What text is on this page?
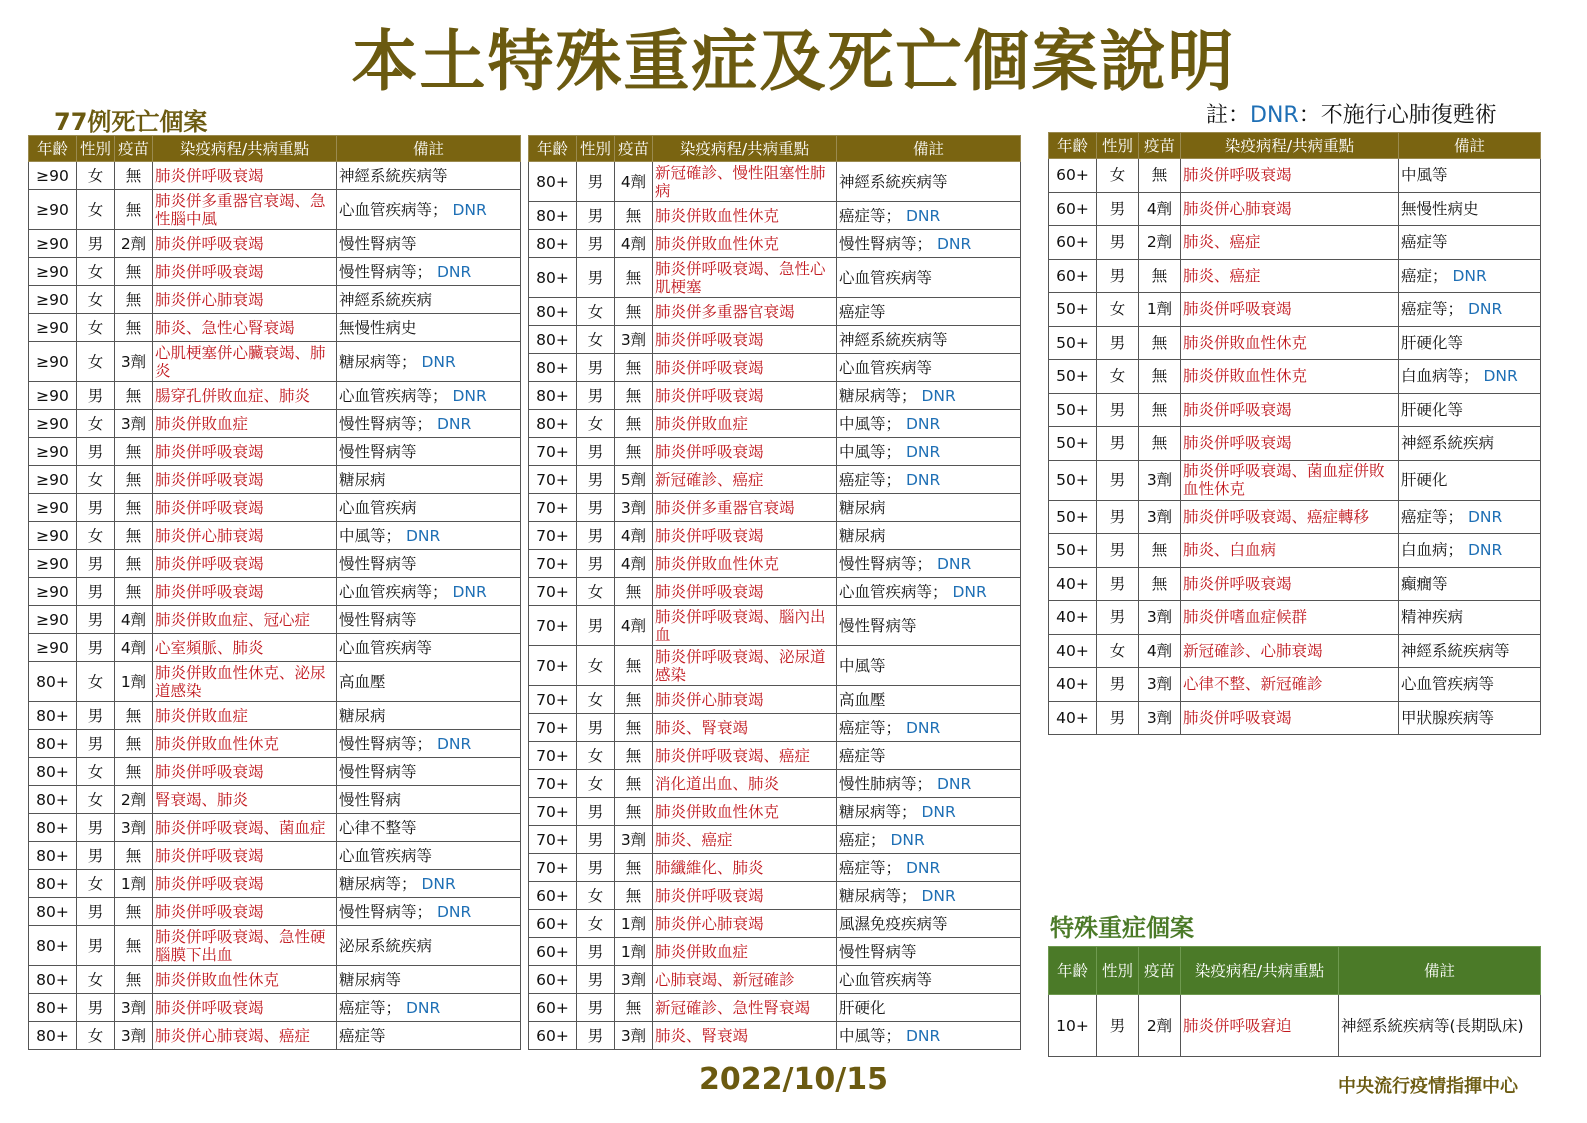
本土特殊重症及死亡個案說明
77例死亡個案	註：DNR：不施行心肺復甦術
年齡	性別	疫苗	染疫病程/共病重點	備註
≥90	女	無	肺炎併呼吸衰竭	神經系統疾病等
≥90	女	無	肺炎併多重器官衰竭、急性腦中風	心血管疾病等； DNR
≥90	男	2劑	肺炎併呼吸衰竭	慢性腎病等
≥90	女	無	肺炎併呼吸衰竭	慢性腎病等； DNR
≥90	女	無	肺炎併心肺衰竭	神經系統疾病
≥90	女	無	肺炎、急性心腎衰竭	無慢性病史
≥90	女	3劑	心肌梗塞併心臟衰竭、肺炎	糖尿病等； DNR
≥90	男	無	腸穿孔併敗血症、肺炎	心血管疾病等； DNR
≥90	女	3劑	肺炎併敗血症	慢性腎病等； DNR
≥90	男	無	肺炎併呼吸衰竭	慢性腎病等
≥90	女	無	肺炎併呼吸衰竭	糖尿病
≥90	男	無	肺炎併呼吸衰竭	心血管疾病
≥90	女	無	肺炎併心肺衰竭	中風等； DNR
≥90	男	無	肺炎併呼吸衰竭	慢性腎病等
≥90	男	無	肺炎併呼吸衰竭	心血管疾病等； DNR
≥90	男	4劑	肺炎併敗血症、冠心症	慢性腎病等
≥90	男	4劑	心室頻脈、肺炎	心血管疾病等
80+	女	1劑	肺炎併敗血性休克、泌尿道感染	高血壓
80+	男	無	肺炎併敗血症	糖尿病
80+	男	無	肺炎併敗血性休克	慢性腎病等； DNR
80+	女	無	肺炎併呼吸衰竭	慢性腎病等
80+	女	2劑	腎衰竭、肺炎	慢性腎病
80+	男	3劑	肺炎併呼吸衰竭、菌血症	心律不整等
80+	男	無	肺炎併呼吸衰竭	心血管疾病等
80+	女	1劑	肺炎併呼吸衰竭	糖尿病等； DNR
80+	男	無	肺炎併呼吸衰竭	慢性腎病等； DNR
80+	男	無	肺炎併呼吸衰竭、急性硬腦膜下出血	泌尿系統疾病
80+	女	無	肺炎併敗血性休克	糖尿病等
80+	男	3劑	肺炎併呼吸衰竭	癌症等； DNR
80+	女	3劑	肺炎併心肺衰竭、癌症	癌症等
年齡	性別	疫苗	染疫病程/共病重點	備註
80+	男	4劑	新冠確診、慢性阻塞性肺病	神經系統疾病等
80+	男	無	肺炎併敗血性休克	癌症等； DNR
80+	男	4劑	肺炎併敗血性休克	慢性腎病等； DNR
80+	男	無	肺炎併呼吸衰竭、急性心肌梗塞	心血管疾病等
80+	女	無	肺炎併多重器官衰竭	癌症等
80+	女	3劑	肺炎併呼吸衰竭	神經系統疾病等
80+	男	無	肺炎併呼吸衰竭	心血管疾病等
80+	男	無	肺炎併呼吸衰竭	糖尿病等； DNR
80+	女	無	肺炎併敗血症	中風等； DNR
70+	男	無	肺炎併呼吸衰竭	中風等； DNR
70+	男	5劑	新冠確診、癌症	癌症等； DNR
70+	男	3劑	肺炎併多重器官衰竭	糖尿病
70+	男	4劑	肺炎併呼吸衰竭	糖尿病
70+	男	4劑	肺炎併敗血性休克	慢性腎病等； DNR
70+	女	無	肺炎併呼吸衰竭	心血管疾病等； DNR
70+	男	4劑	肺炎併呼吸衰竭、腦內出血	慢性腎病等
70+	女	無	肺炎併呼吸衰竭、泌尿道感染	中風等
70+	女	無	肺炎併心肺衰竭	高血壓
70+	男	無	肺炎、腎衰竭	癌症等； DNR
70+	女	無	肺炎併呼吸衰竭、癌症	癌症等
70+	女	無	消化道出血、肺炎	慢性肺病等； DNR
70+	男	無	肺炎併敗血性休克	糖尿病等； DNR
70+	男	3劑	肺炎、癌症	癌症； DNR
70+	男	無	肺纖維化、肺炎	癌症等； DNR
60+	女	無	肺炎併呼吸衰竭	糖尿病等； DNR
60+	女	1劑	肺炎併心肺衰竭	風濕免疫疾病等
60+	男	1劑	肺炎併敗血症	慢性腎病等
60+	男	3劑	心肺衰竭、新冠確診	心血管疾病等
60+	男	無	新冠確診、急性腎衰竭	肝硬化
60+	男	3劑	肺炎、腎衰竭	中風等； DNR
年齡	性別	疫苗	染疫病程/共病重點	備註
60+	女	無	肺炎併呼吸衰竭	中風等
60+	男	4劑	肺炎併心肺衰竭	無慢性病史
60+	男	2劑	肺炎、癌症	癌症等
60+	男	無	肺炎、癌症	癌症； DNR
50+	女	1劑	肺炎併呼吸衰竭	癌症等； DNR
50+	男	無	肺炎併敗血性休克	肝硬化等
50+	女	無	肺炎併敗血性休克	白血病等； DNR
50+	男	無	肺炎併呼吸衰竭	肝硬化等
50+	男	無	肺炎併呼吸衰竭	神經系統疾病
50+	男	3劑	肺炎併呼吸衰竭、菌血症併敗血性休克	肝硬化
50+	男	3劑	肺炎併呼吸衰竭、癌症轉移	癌症等； DNR
50+	男	無	肺炎、白血病	白血病； DNR
40+	男	無	肺炎併呼吸衰竭	癲癇等
40+	男	3劑	肺炎併嗜血症候群	精神疾病
40+	女	4劑	新冠確診、心肺衰竭	神經系統疾病等
40+	男	3劑	心律不整、新冠確診	心血管疾病等
40+	男	3劑	肺炎併呼吸衰竭	甲狀腺疾病等
特殊重症個案
年齡	性別	疫苗	染疫病程/共病重點	備註
10+	男	2劑	肺炎併呼吸窘迫	神經系統疾病等(長期臥床)
2022/10/15	中央流行疫情指揮中心
